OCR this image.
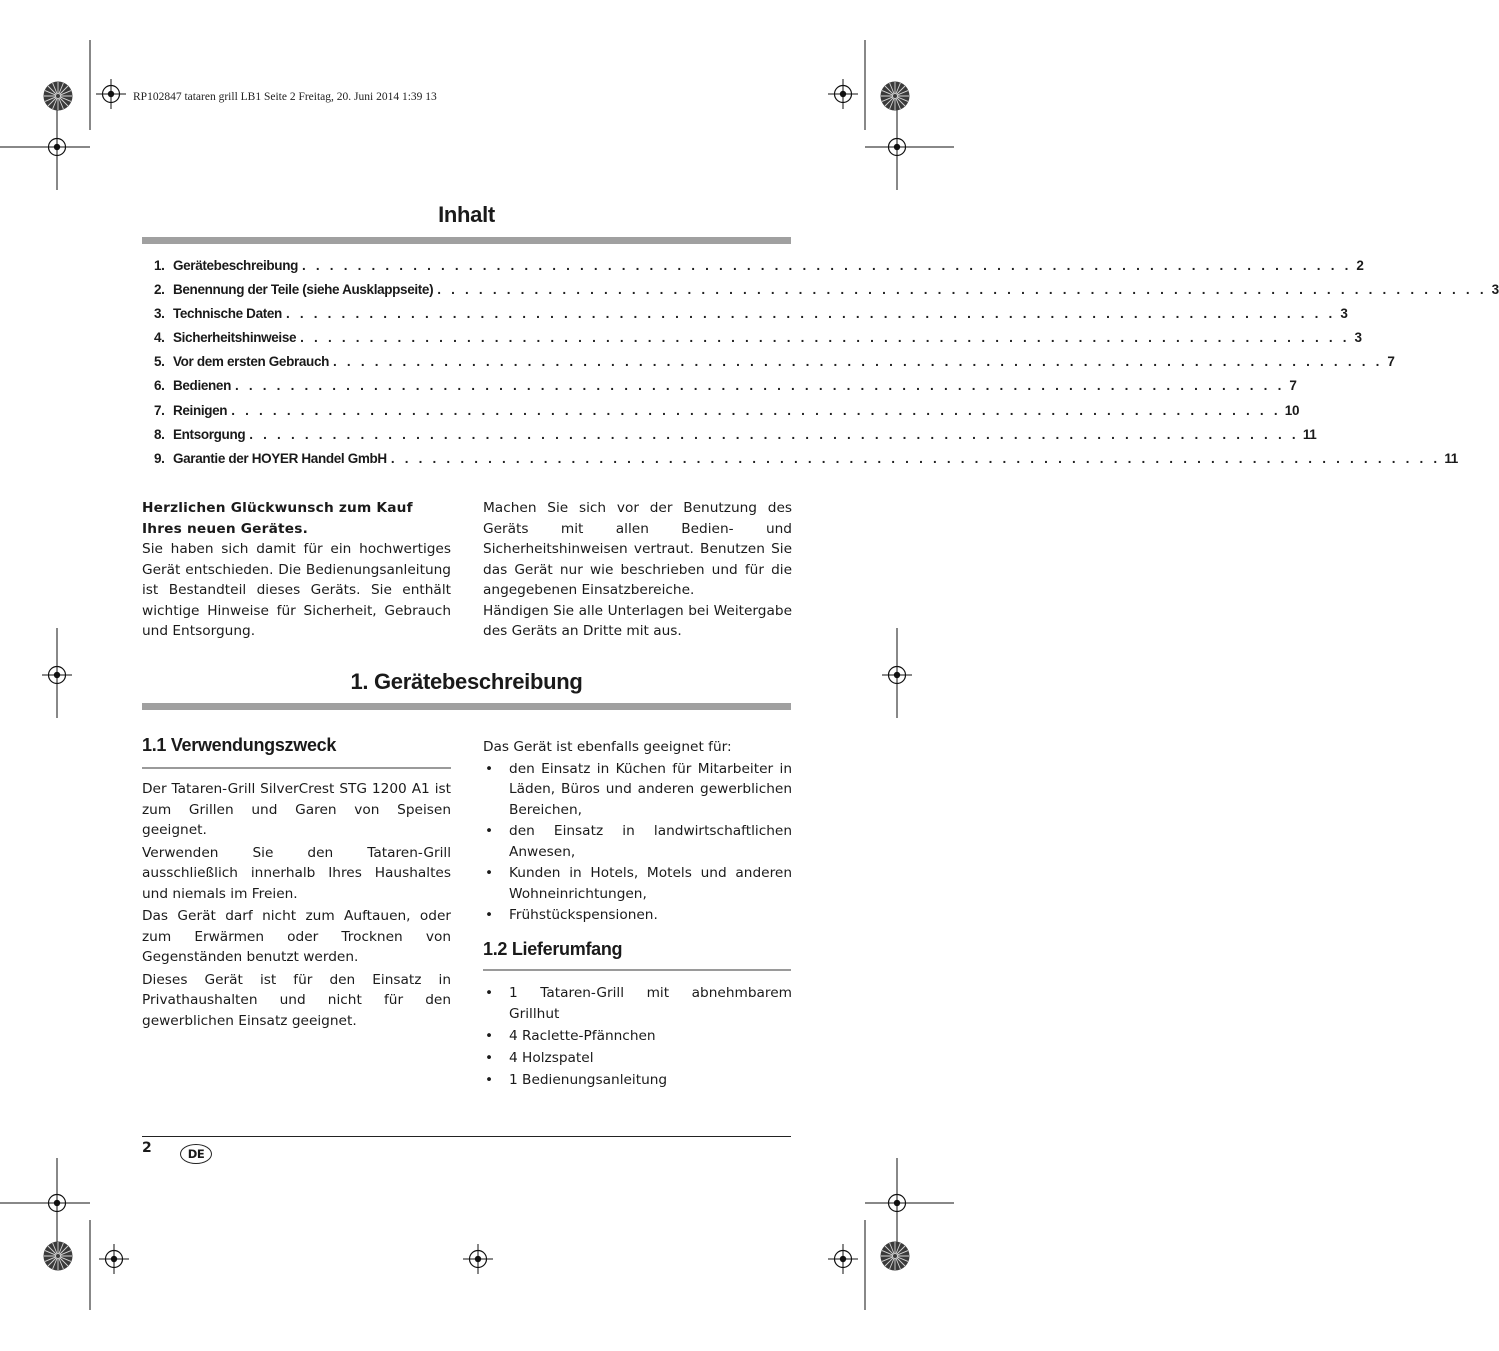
RP102847 tataren grill LB1 Seite 2 Freitag, 20. Juni 2014 1:39 13
Inhalt
1. Gerätebeschreibung . . . . . . . . . . . . . . . . . . . . . . . . . . . . . . . . . . . . . . . . . . . . . . . . . . . . . . . . . . . . . . . . . . . . . . . . . . . . 2
2. Benennung der Teile (siehe Ausklappseite) . . . . . . . . . . . . . . . . . . . . . . . . . . . . . . . . . . . . . . . . . . . . . . . . . . . . . . . . . . . . . . . . . . . . . . . . . . . . 3
3. Technische Daten . . . . . . . . . . . . . . . . . . . . . . . . . . . . . . . . . . . . . . . . . . . . . . . . . . . . . . . . . . . . . . . . . . . . . . . . . . . . 3
4. Sicherheitshinweise . . . . . . . . . . . . . . . . . . . . . . . . . . . . . . . . . . . . . . . . . . . . . . . . . . . . . . . . . . . . . . . . . . . . . . . . . . . . 3
5. Vor dem ersten Gebrauch . . . . . . . . . . . . . . . . . . . . . . . . . . . . . . . . . . . . . . . . . . . . . . . . . . . . . . . . . . . . . . . . . . . . . . . . . . . . 7
6. Bedienen . . . . . . . . . . . . . . . . . . . . . . . . . . . . . . . . . . . . . . . . . . . . . . . . . . . . . . . . . . . . . . . . . . . . . . . . . . . . 7
7. Reinigen . . . . . . . . . . . . . . . . . . . . . . . . . . . . . . . . . . . . . . . . . . . . . . . . . . . . . . . . . . . . . . . . . . . . . . . . . . . . 10
8. Entsorgung . . . . . . . . . . . . . . . . . . . . . . . . . . . . . . . . . . . . . . . . . . . . . . . . . . . . . . . . . . . . . . . . . . . . . . . . . . . . 11
9. Garantie der HOYER Handel GmbH . . . . . . . . . . . . . . . . . . . . . . . . . . . . . . . . . . . . . . . . . . . . . . . . . . . . . . . . . . . . . . . . . . . . . . . . . . . . 11

Herzlichen Glückwunsch zum Kauf Ihres neuen Gerätes.

Sie haben sich damit für ein hochwertiges Gerät entschieden. Die Bedienungsanleitung ist Bestandteil dieses Geräts. Sie enthält wichtige Hinweise für Sicherheit, Gebrauch und Entsorgung.

Machen Sie sich vor der Benutzung des Geräts mit allen Bedien- und Sicherheitshinweisen vertraut. Benutzen Sie das Gerät nur wie beschrieben und für die angegebenen Einsatzbereiche.

Händigen Sie alle Unterlagen bei Weitergabe des Geräts an Dritte mit aus.

1. Gerätebeschreibung
1.1 Verwendungszweck

Der Tataren-Grill SilverCrest STG 1200 A1 ist zum Grillen und Garen von Speisen geeignet.

Verwenden Sie den Tataren-Grill ausschließlich innerhalb Ihres Haushaltes und niemals im Freien.

Das Gerät darf nicht zum Auftauen, oder zum Erwärmen oder Trocknen von Gegenständen benutzt werden.

Dieses Gerät ist für den Einsatz in Privathaushalten und nicht für den gewerblichen Einsatz geeignet.

Das Gerät ist ebenfalls geeignet für:

• den Einsatz in Küchen für Mitarbeiter in Läden, Büros und anderen gewerblichen Bereichen,
• den Einsatz in landwirtschaftlichen Anwesen,
• Kunden in Hotels, Motels und anderen Wohneinrichtungen,
• Frühstückspensionen.
1.2 Lieferumfang
• 1 Tataren-Grill mit abnehmbarem Grillhut
• 4 Raclette-Pfännchen
• 4 Holzspatel
• 1 Bedienungsanleitung
2	DE
